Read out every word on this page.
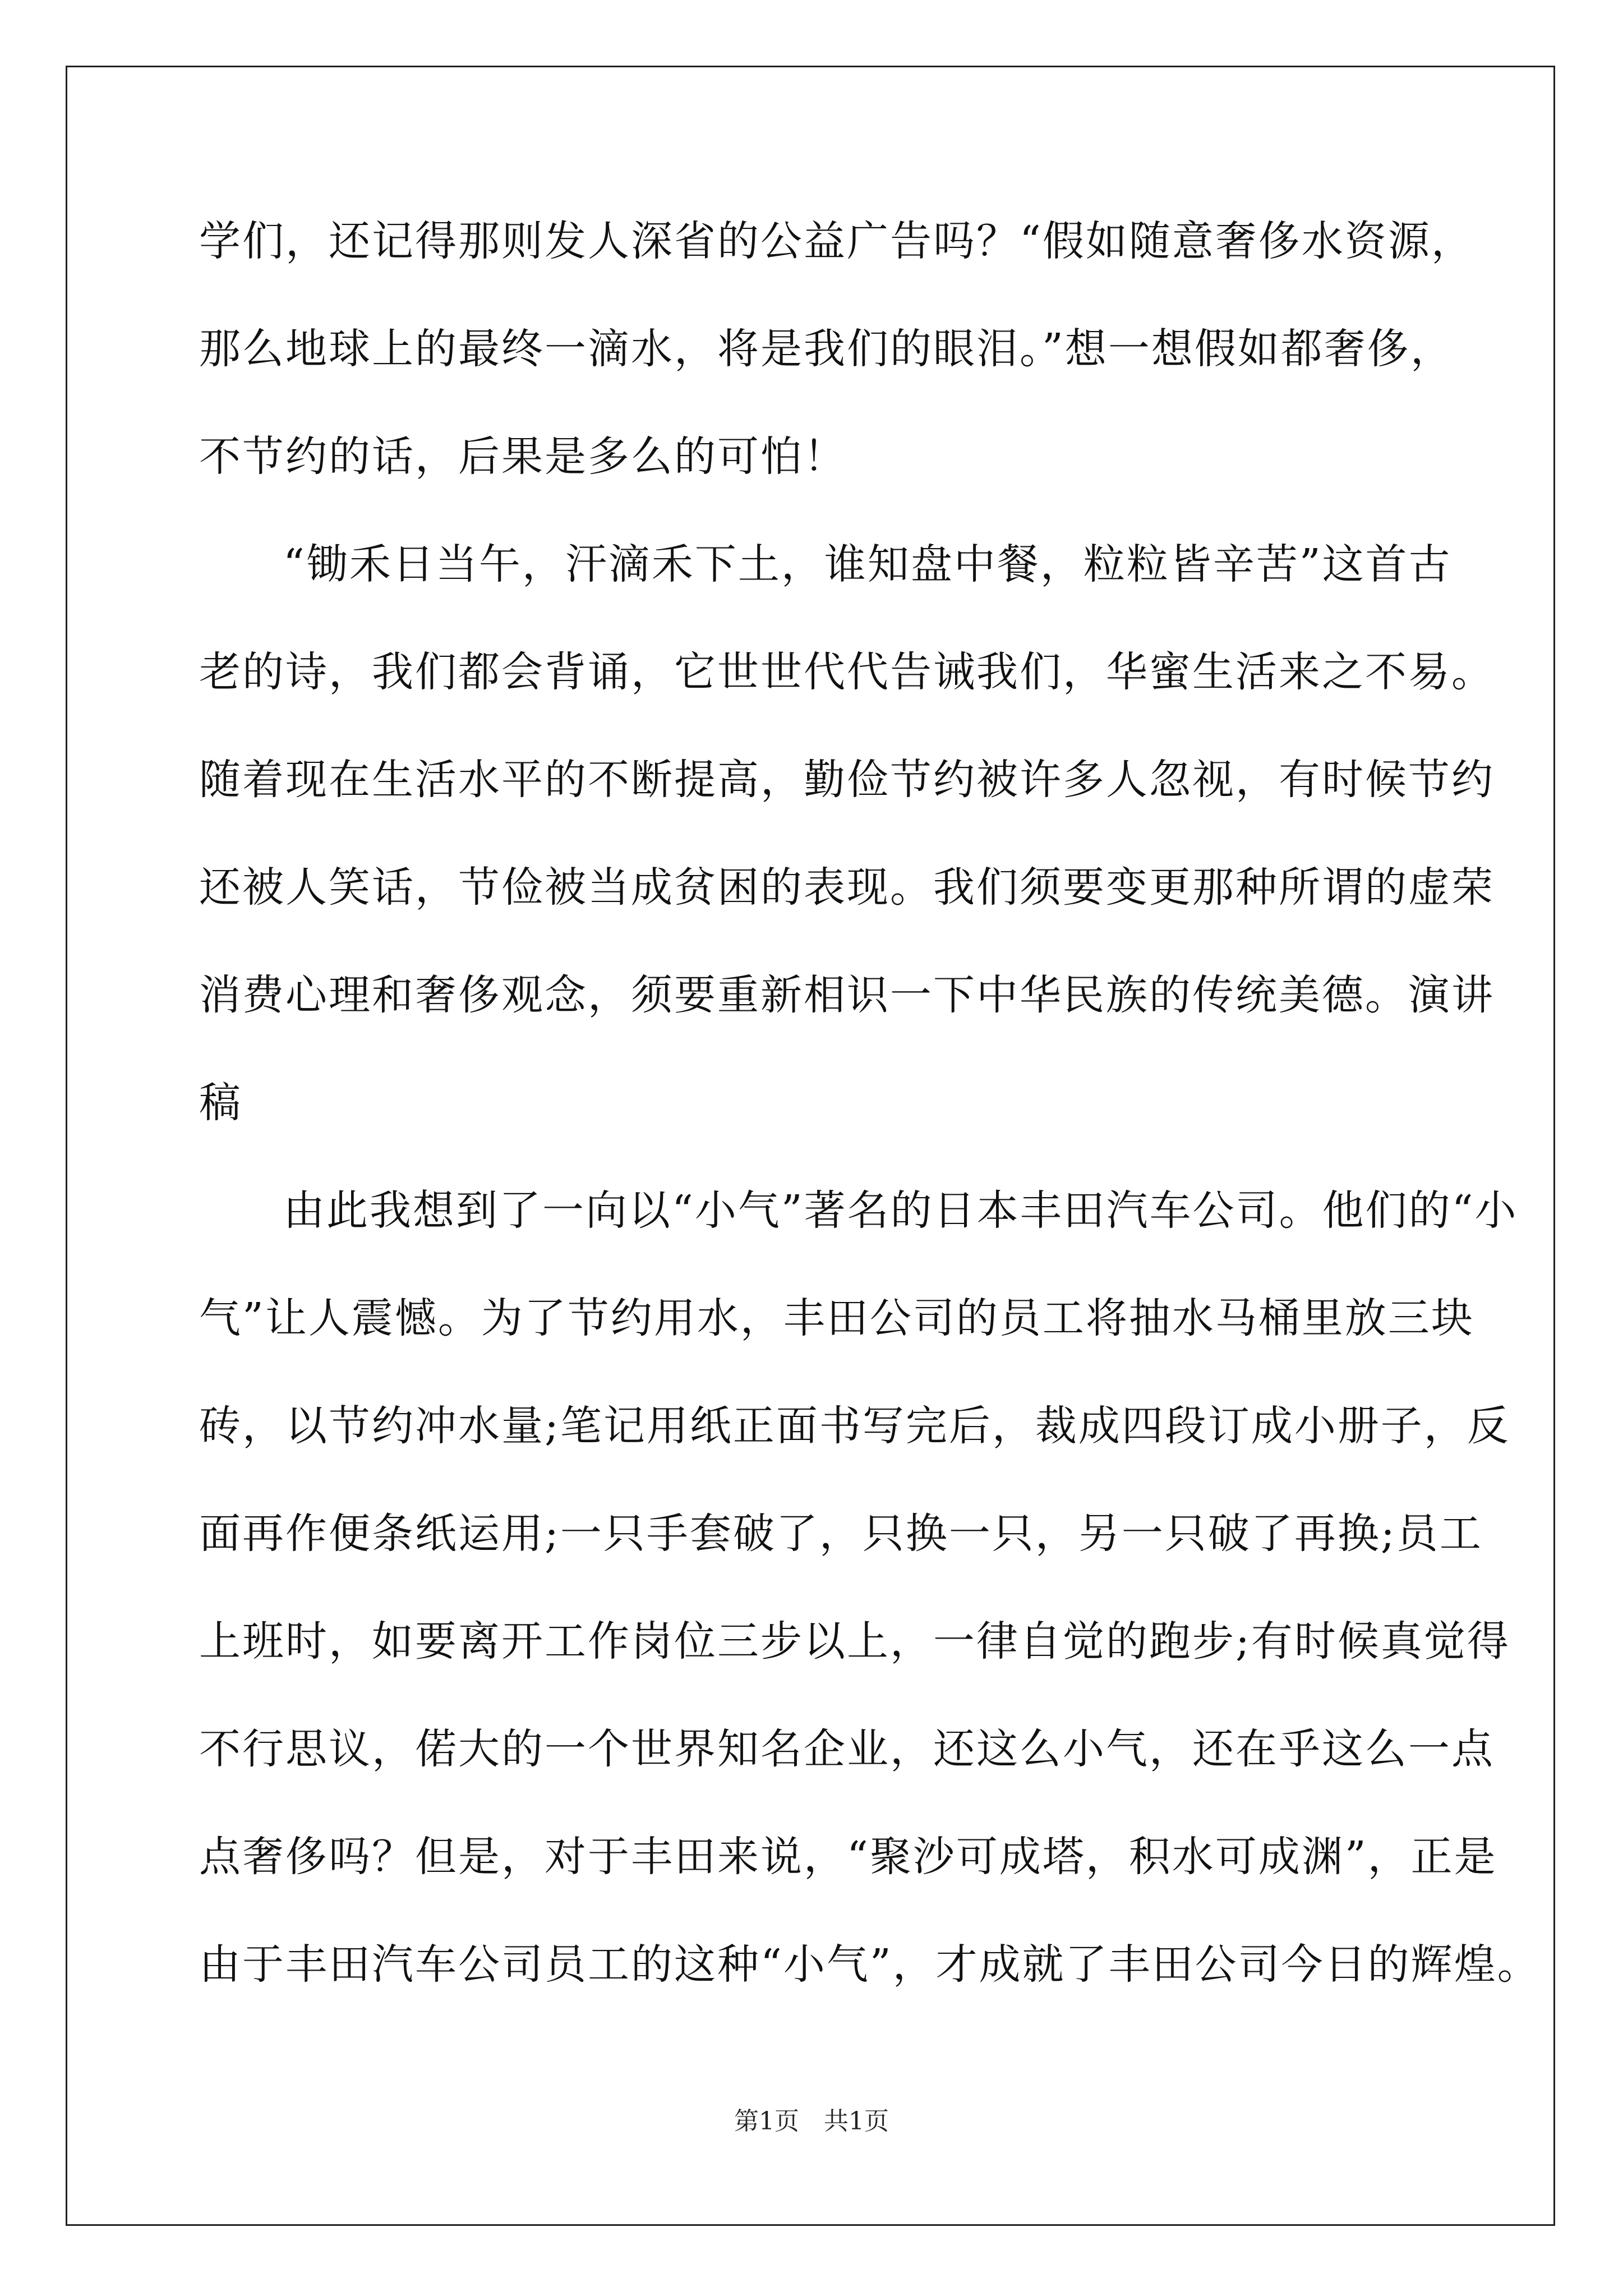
学们，还记得那则发人深省的公益广告吗？“假如随意奢侈水资源，
那么地球上的最终一滴水，将是我们的眼泪。”想一想假如都奢侈，
不节约的话，后果是多么的可怕！
“锄禾日当午，汗滴禾下土，谁知盘中餐，粒粒皆辛苦”这首古
老的诗，我们都会背诵，它世世代代告诫我们，华蜜生活来之不易。
随着现在生活水平的不断提高，勤俭节约被许多人忽视，有时候节约
还被人笑话，节俭被当成贫困的表现。我们须要变更那种所谓的虚荣
消费心理和奢侈观念，须要重新相识一下中华民族的传统美德。演讲
稿
由此我想到了一向以“小气”著名的日本丰田汽车公司。他们的“小
气”让人震憾。为了节约用水，丰田公司的员工将抽水马桶里放三块
砖，以节约冲水量;笔记用纸正面书写完后，裁成四段订成小册子，反
面再作便条纸运用;一只手套破了，只换一只，另一只破了再换;员工
上班时，如要离开工作岗位三步以上，一律自觉的跑步;有时候真觉得
不行思议，偌大的一个世界知名企业，还这么小气，还在乎这么一点
点奢侈吗？但是，对于丰田来说，“聚沙可成塔，积水可成渊”，正是
由于丰田汽车公司员工的这种“小气”，才成就了丰田公司今日的辉煌。
第1页　共1页
